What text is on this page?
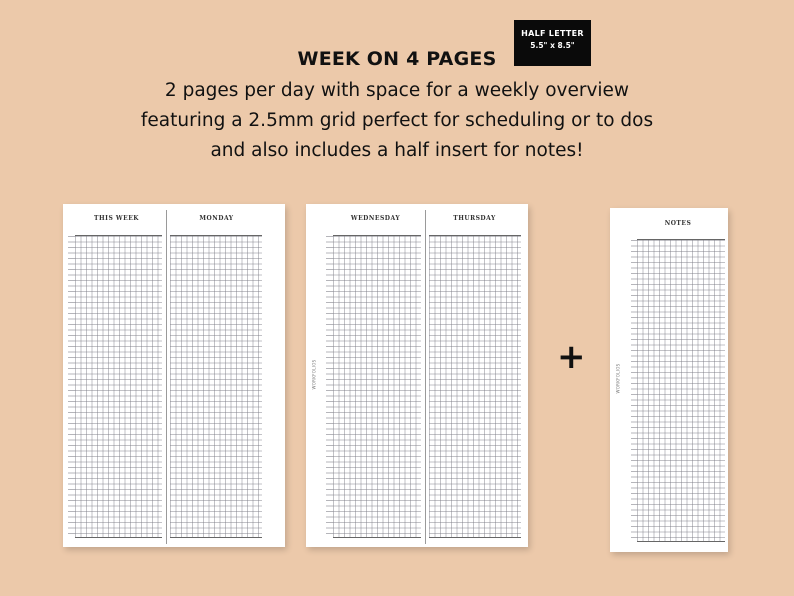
WEEK ON 4 PAGES
2 pages per day with space for a weekly overview
featuring a 2.5mm grid perfect for scheduling or to dos
and also includes a half insert for notes!
HALF LETTER
5.5" x 8.5"
THIS WEEK	MONDAY	WEDNESDAY	THURSDAY
WORKFOLIOS	+
NOTES
WORKFOLIOS
